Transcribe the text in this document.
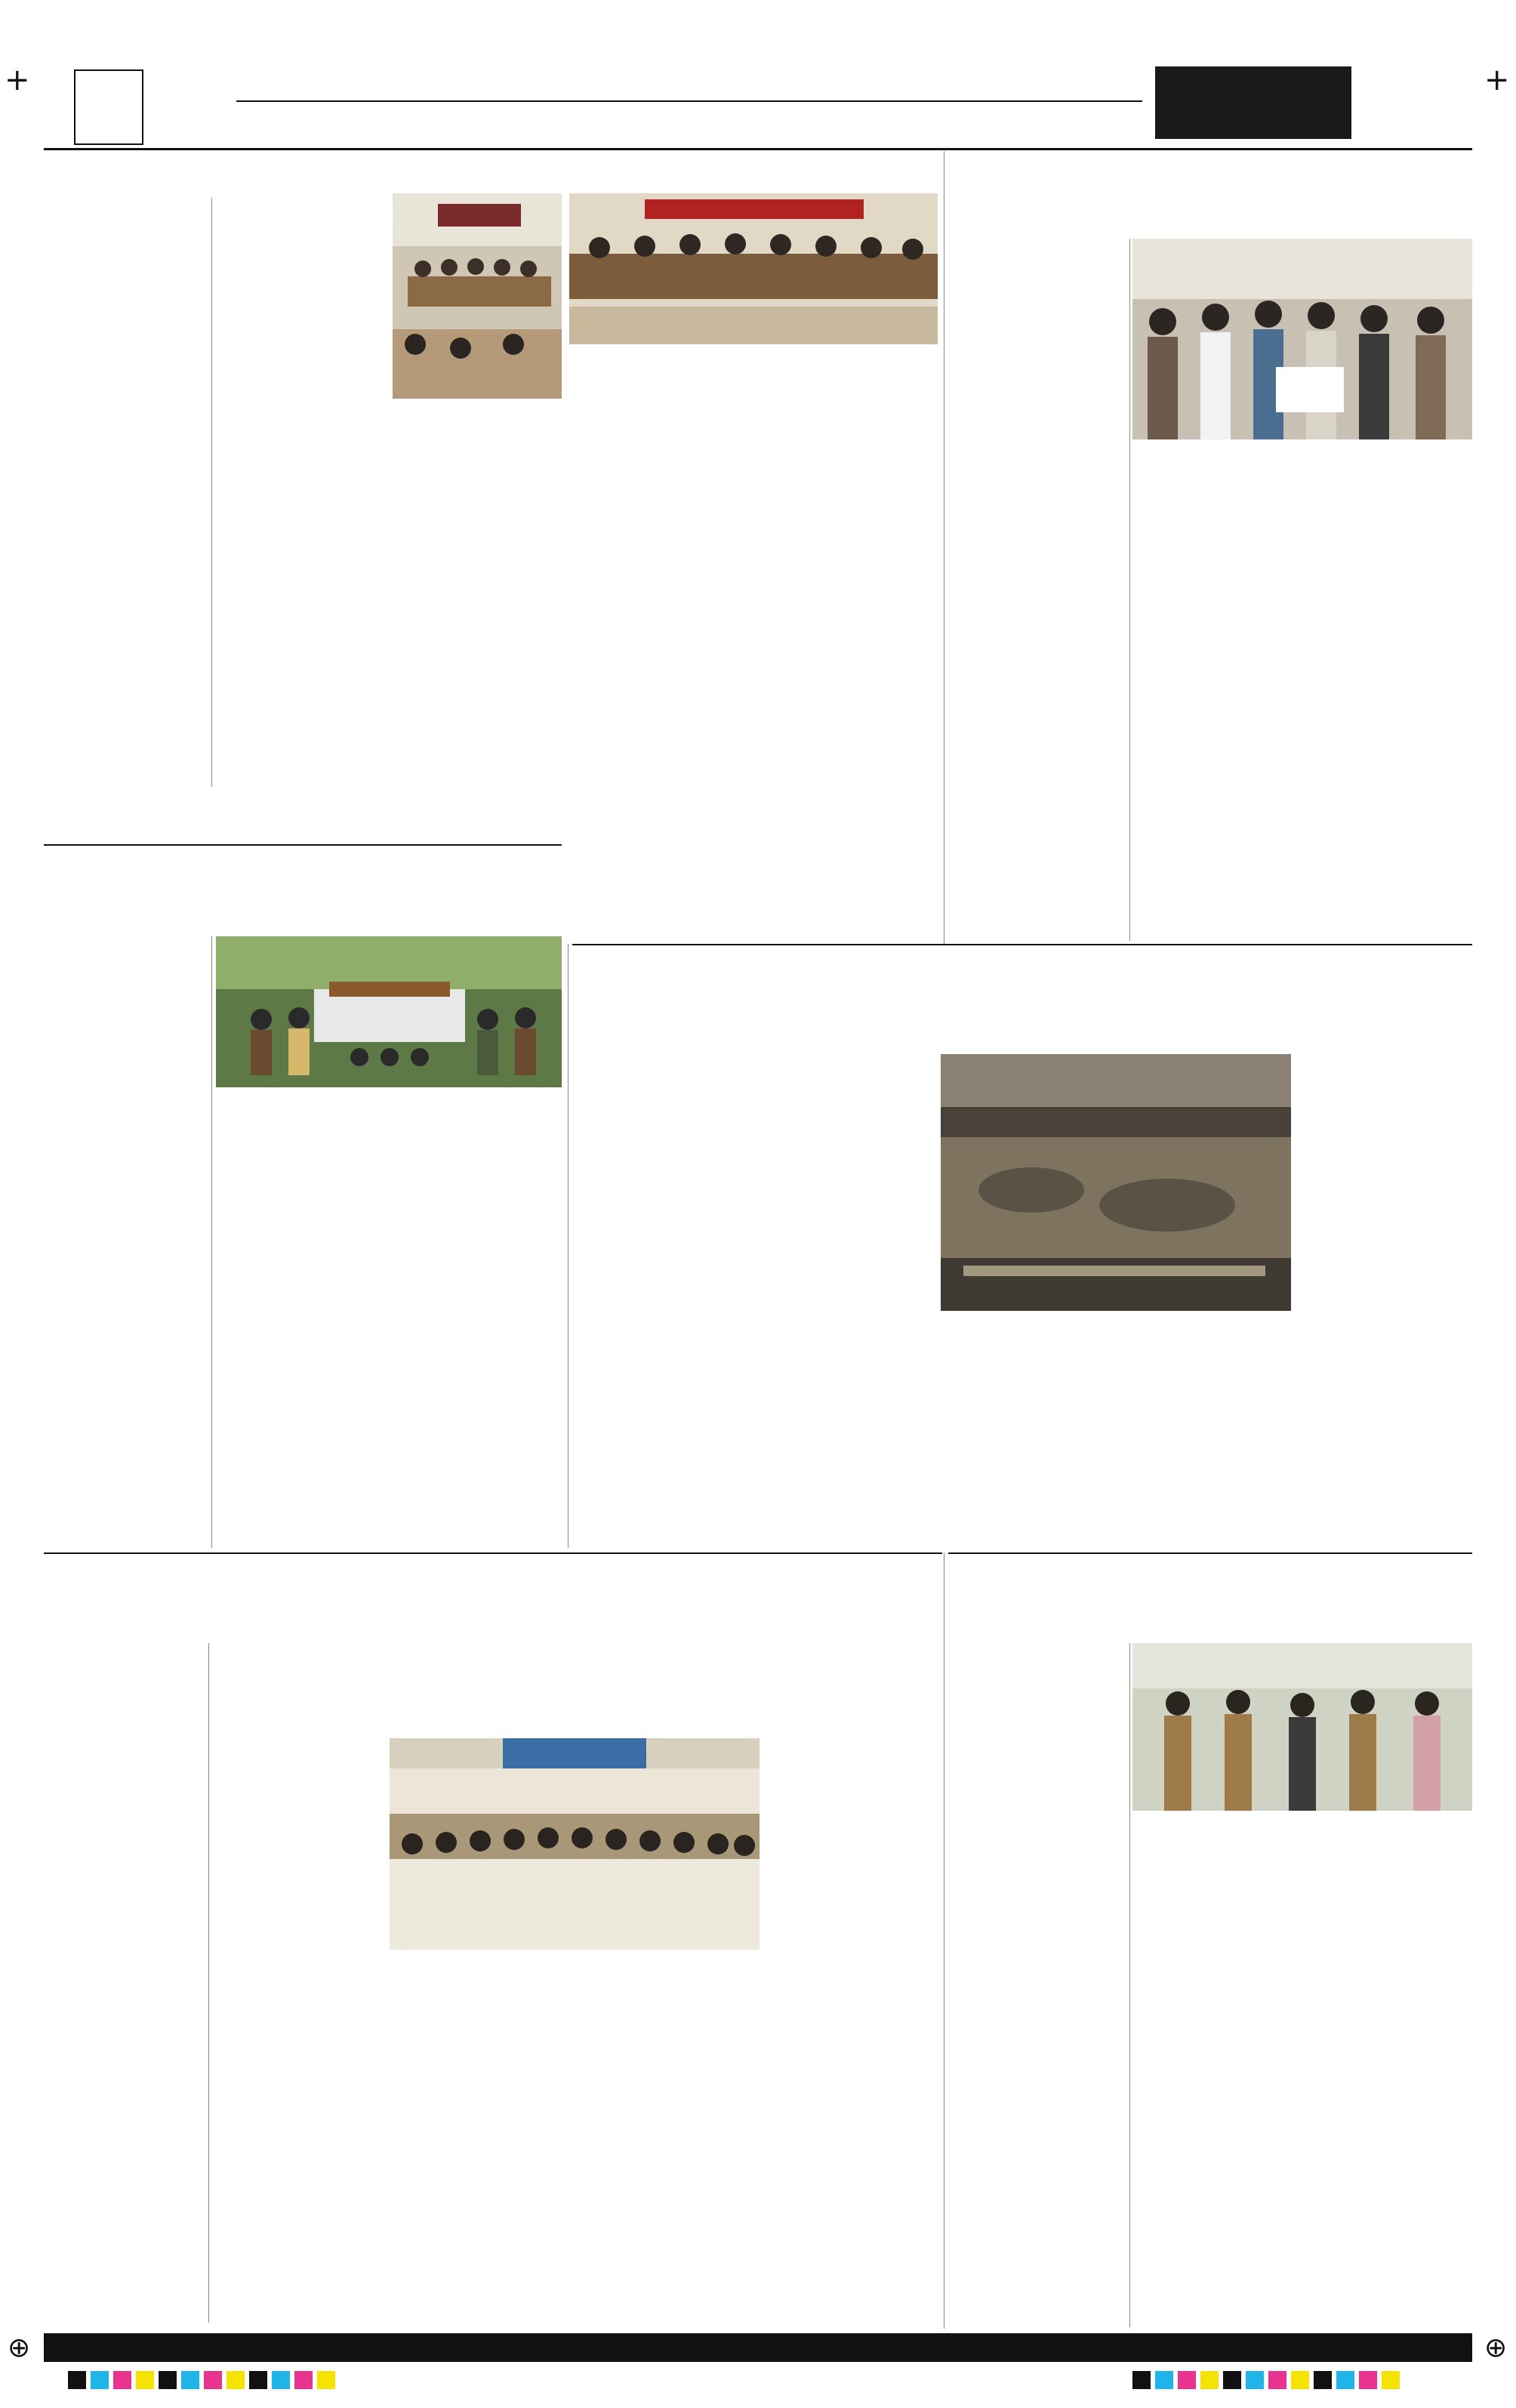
+	+
⊕	⊕
